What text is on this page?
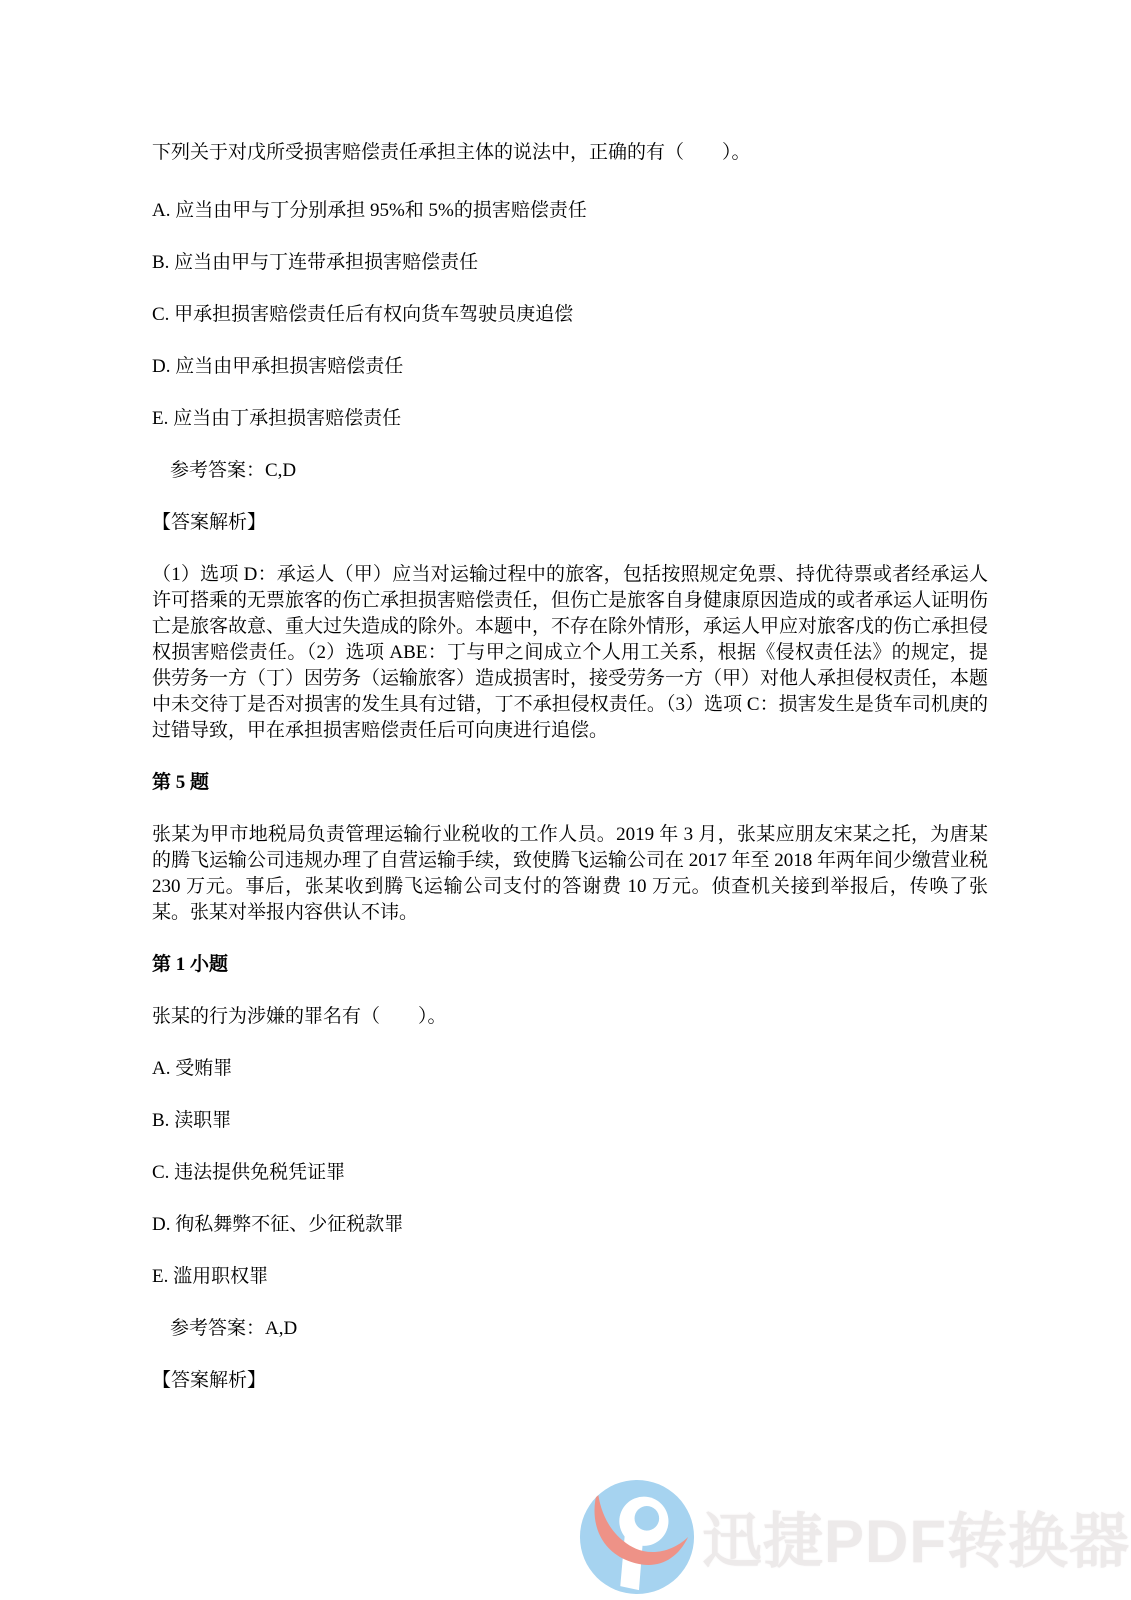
下列关于对戊所受损害赔偿责任承担主体的说法中，正确的有（　　）。

A. 应当由甲与丁分别承担 95%和 5%的损害赔偿责任

B. 应当由甲与丁连带承担损害赔偿责任

C. 甲承担损害赔偿责任后有权向货车驾驶员庚追偿

D. 应当由甲承担损害赔偿责任

E. 应当由丁承担损害赔偿责任

参考答案：C,D

【答案解析】

（1）选项 D：承运人（甲）应当对运输过程中的旅客，包括按照规定免票、持优待票或者经承运人许可搭乘的无票旅客的伤亡承担损害赔偿责任，但伤亡是旅客自身健康原因造成的或者承运人证明伤亡是旅客故意、重大过失造成的除外。本题中，不存在除外情形，承运人甲应对旅客戊的伤亡承担侵权损害赔偿责任。（2）选项 ABE：丁与甲之间成立个人用工关系，根据《侵权责任法》的规定，提供劳务一方（丁）因劳务（运输旅客）造成损害时，接受劳务一方（甲）对他人承担侵权责任，本题中未交待丁是否对损害的发生具有过错，丁不承担侵权责任。（3）选项 C：损害发生是货车司机庚的过错导致，甲在承担损害赔偿责任后可向庚进行追偿。

第 5 题

张某为甲市地税局负责管理运输行业税收的工作人员。2019 年 3 月，张某应朋友宋某之托，为唐某的腾飞运输公司违规办理了自营运输手续，致使腾飞运输公司在 2017 年至 2018 年两年间少缴营业税 230 万元。事后，张某收到腾飞运输公司支付的答谢费 10 万元。侦查机关接到举报后，传唤了张某。张某对举报内容供认不讳。

第 1 小题

张某的行为涉嫌的罪名有（　　）。

A. 受贿罪

B. 渎职罪

C. 违法提供免税凭证罪

D. 徇私舞弊不征、少征税款罪

E. 滥用职权罪

参考答案：A,D

【答案解析】

迅捷PDF转换器
